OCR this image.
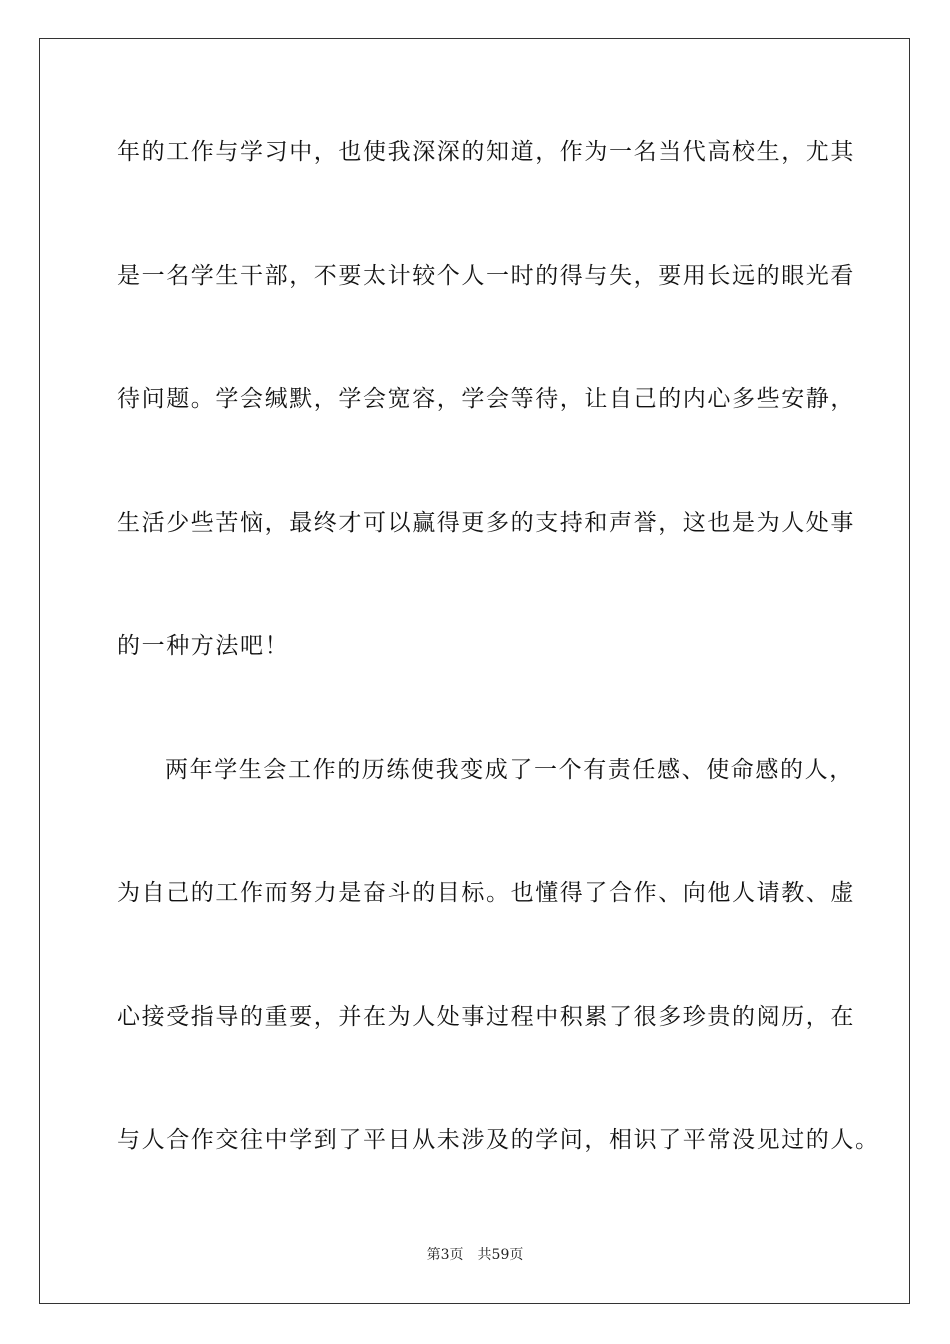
年的工作与学习中，也使我深深的知道，作为一名当代高校生，尤其
是一名学生干部，不要太计较个人一时的得与失，要用长远的眼光看
待问题。学会缄默，学会宽容，学会等待，让自己的内心多些安静，
生活少些苦恼，最终才可以赢得更多的支持和声誉，这也是为人处事
的一种方法吧！
两年学生会工作的历练使我变成了一个有责任感、使命感的人，
为自己的工作而努力是奋斗的目标。也懂得了合作、向他人请教、虚
心接受指导的重要，并在为人处事过程中积累了很多珍贵的阅历，在
与人合作交往中学到了平日从未涉及的学问，相识了平常没见过的人。
第3页 共59页
